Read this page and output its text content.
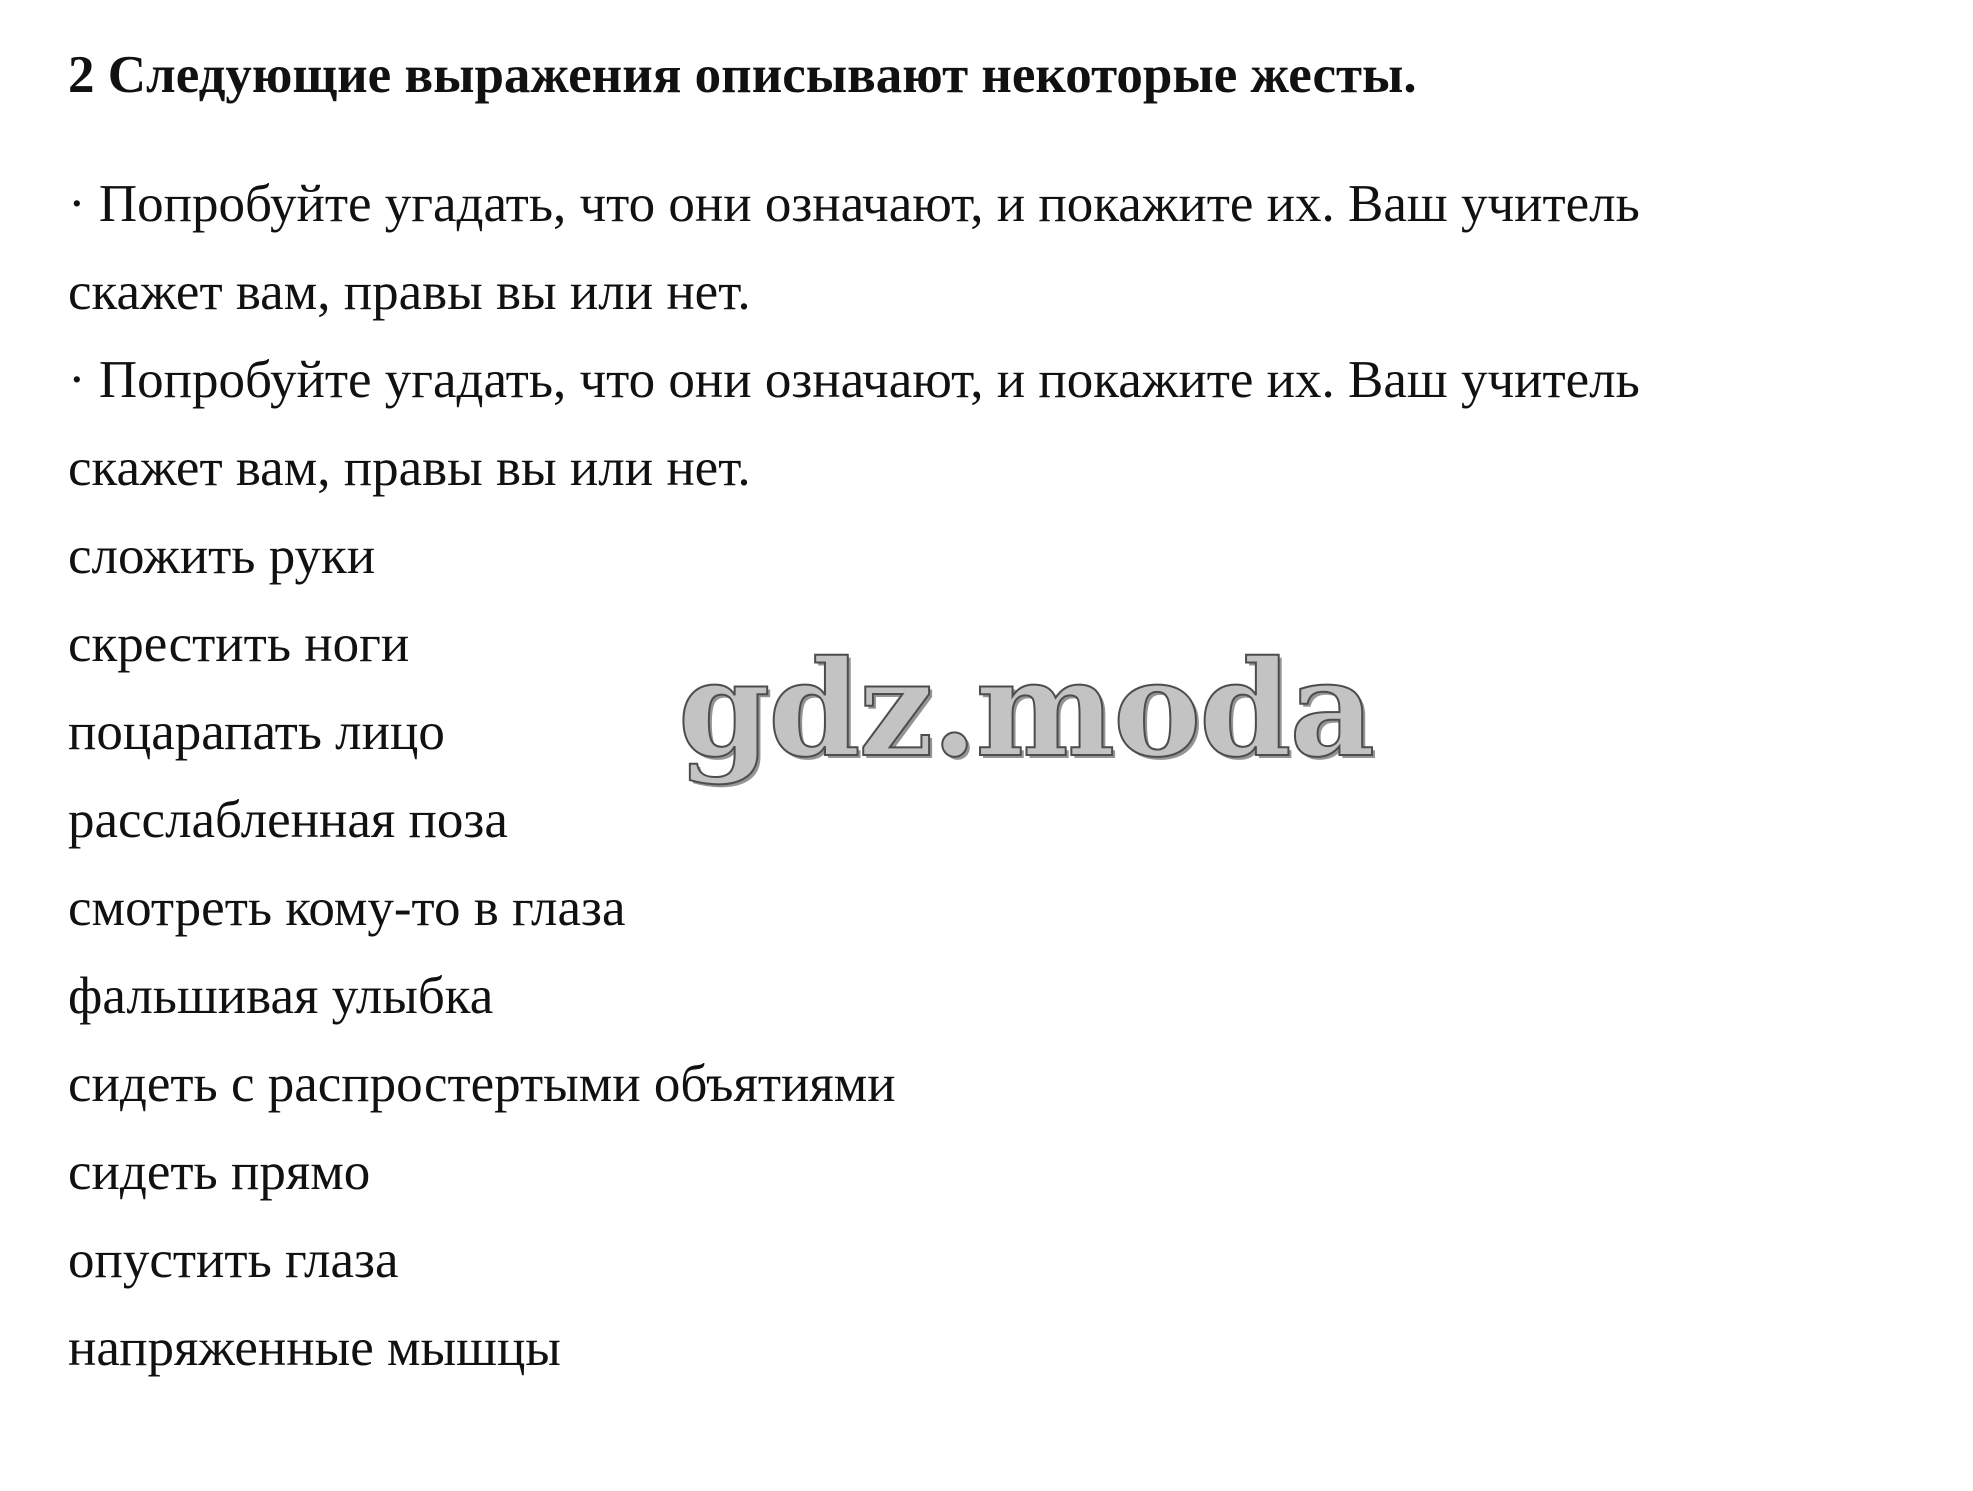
2 Следующие выражения описывают некоторые жесты.
· Попробуйте угадать, что они означают, и покажите их. Ваш учитель
скажет вам, правы вы или нет.
· Попробуйте угадать, что они означают, и покажите их. Ваш учитель
скажет вам, правы вы или нет.
сложить руки
скрестить ноги
поцарапать лицо
расслабленная поза
смотреть кому-то в глаза
фальшивая улыбка
сидеть с распростертыми объятиями
сидеть прямо
опустить глаза
напряженные мышцы
gdz.moda
